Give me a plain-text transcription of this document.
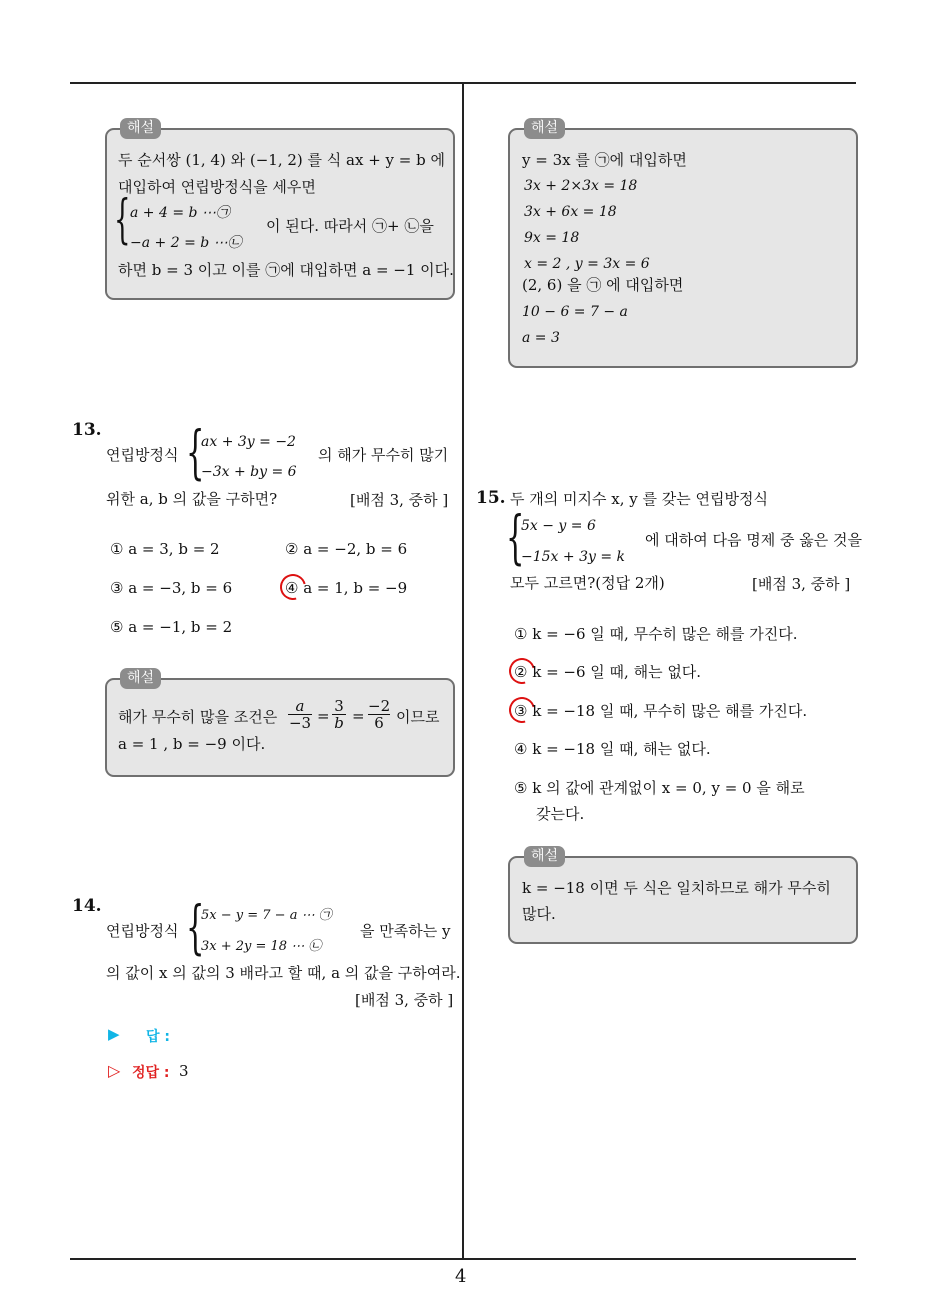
4
해설
두 순서쌍 (1, 4) 와 (−1, 2) 를 식 ax + y = b 에
대입하여 연립방정식을 세우면
{ a + 4 = b ⋯㉠
−a + 2 = b ⋯㉡
이 된다. 따라서 ㉠+ ㉡을
하면 b = 3 이고 이를 ㉠에 대입하면 a = −1 이다.
13.
연립방정식 {
ax + 3y = −2
−3x + by = 6
의 해가 무수히 많기
위한 a, b 의 값을 구하면?	[배점 3, 중하 ]
① a = 3, b = 2	② a = −2, b = 6
③ a = −3, b = 6	④ a = 1, b = −9
⑤ a = −1, b = 2
해설
해가 무수히 많을 조건은 $\frac{a}{-3} = \frac{3}{b} = \frac{-2}{6}$ 이므로
a = 1 , b = −9 이다.
14.
연립방정식 {
5x − y = 7 − a ⋯ ㉠
3x + 2y = 18 ⋯ ㉡
을 만족하는 y
의 값이 x 의 값의 3 배라고 할 때, a 의 값을 구하여라.
[배점 3, 중하 ]
▶ 답 :
▷ 정답 : 3
해설
y = 3x 를 ㉠에 대입하면
3x + 2×3x = 18
3x + 6x = 18
9x = 18
x = 2 , y = 3x = 6
(2, 6) 을 ㉠ 에 대입하면
10 − 6 = 7 − a
a = 3
15. 두 개의 미지수 x, y 를 갖는 연립방정식
{
5x − y = 6
−15x + 3y = k
에 대하여 다음 명제 중 옳은 것을
모두 고르면?(정답 2개)	[배점 3, 중하 ]
① k = −6 일 때, 무수히 많은 해를 가진다.
② k = −6 일 때, 해는 없다.
③ k = −18 일 때, 무수히 많은 해를 가진다.
④ k = −18 일 때, 해는 없다.
⑤ k 의 값에 관계없이 x = 0, y = 0 을 해로
갖는다.
해설
k = −18 이면 두 식은 일치하므로 해가 무수히
많다.
